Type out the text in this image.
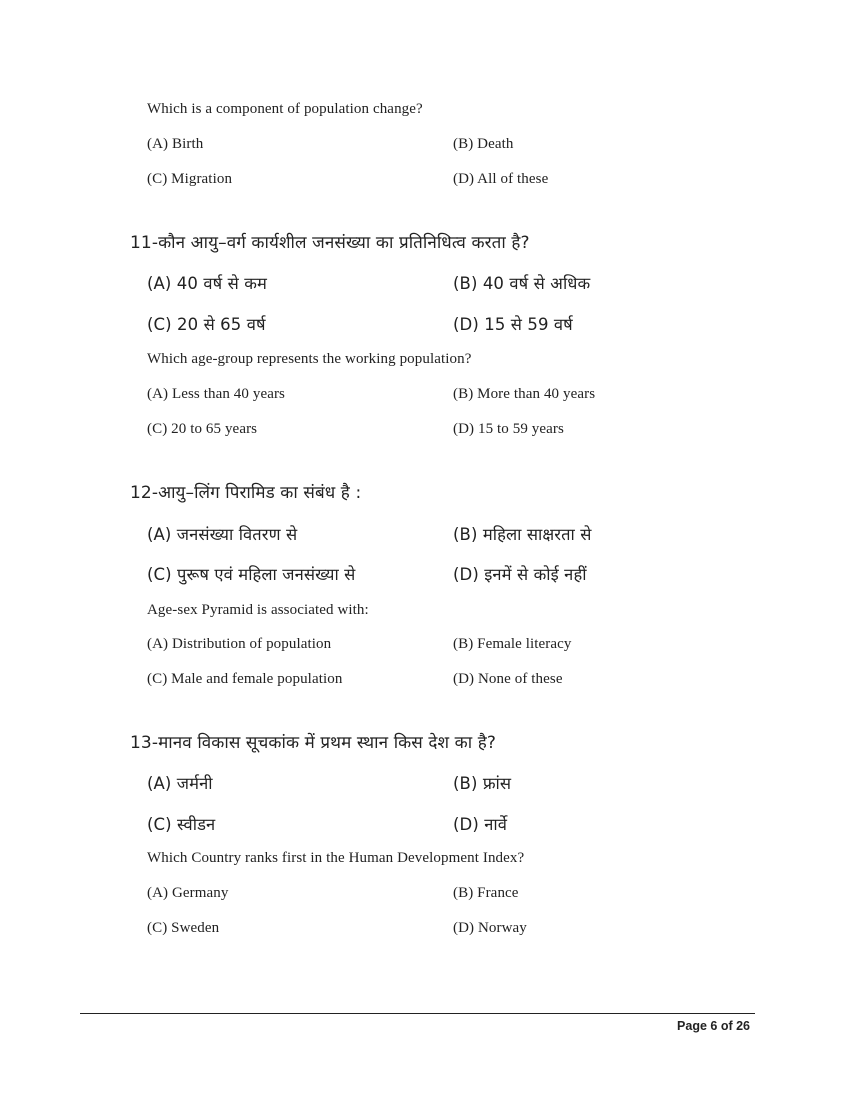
Which is a component of population change?
(A) Birth	(B) Death
(C) Migration	(D) All of these
11-कौन आयु–वर्ग कार्यशील जनसंख्या का प्रतिनिधित्व करता है?
(A) 40 वर्ष से कम	(B) 40 वर्ष से अधिक
(C) 20 से 65 वर्ष	(D) 15 से 59 वर्ष
Which age-group represents the working population?
(A) Less than 40 years	(B) More than 40 years
(C) 20 to 65 years	(D) 15 to 59 years
12-आयु–लिंग पिरामिड का संबंध है :
(A) जनसंख्या वितरण से	(B) महिला साक्षरता से
(C) पुरूष एवं महिला जनसंख्या से	(D) इनमें से कोई नहीं
Age-sex Pyramid is associated with:
(A) Distribution of population	(B) Female literacy
(C) Male and female population	(D) None of these
13-मानव विकास सूचकांक में प्रथम स्थान किस देश का है?
(A) जर्मनी	(B) फ्रांस
(C) स्वीडन	(D) नार्वे
Which Country ranks first in the Human Development Index?
(A) Germany	(B) France
(C) Sweden	(D) Norway
Page 6 of 26
